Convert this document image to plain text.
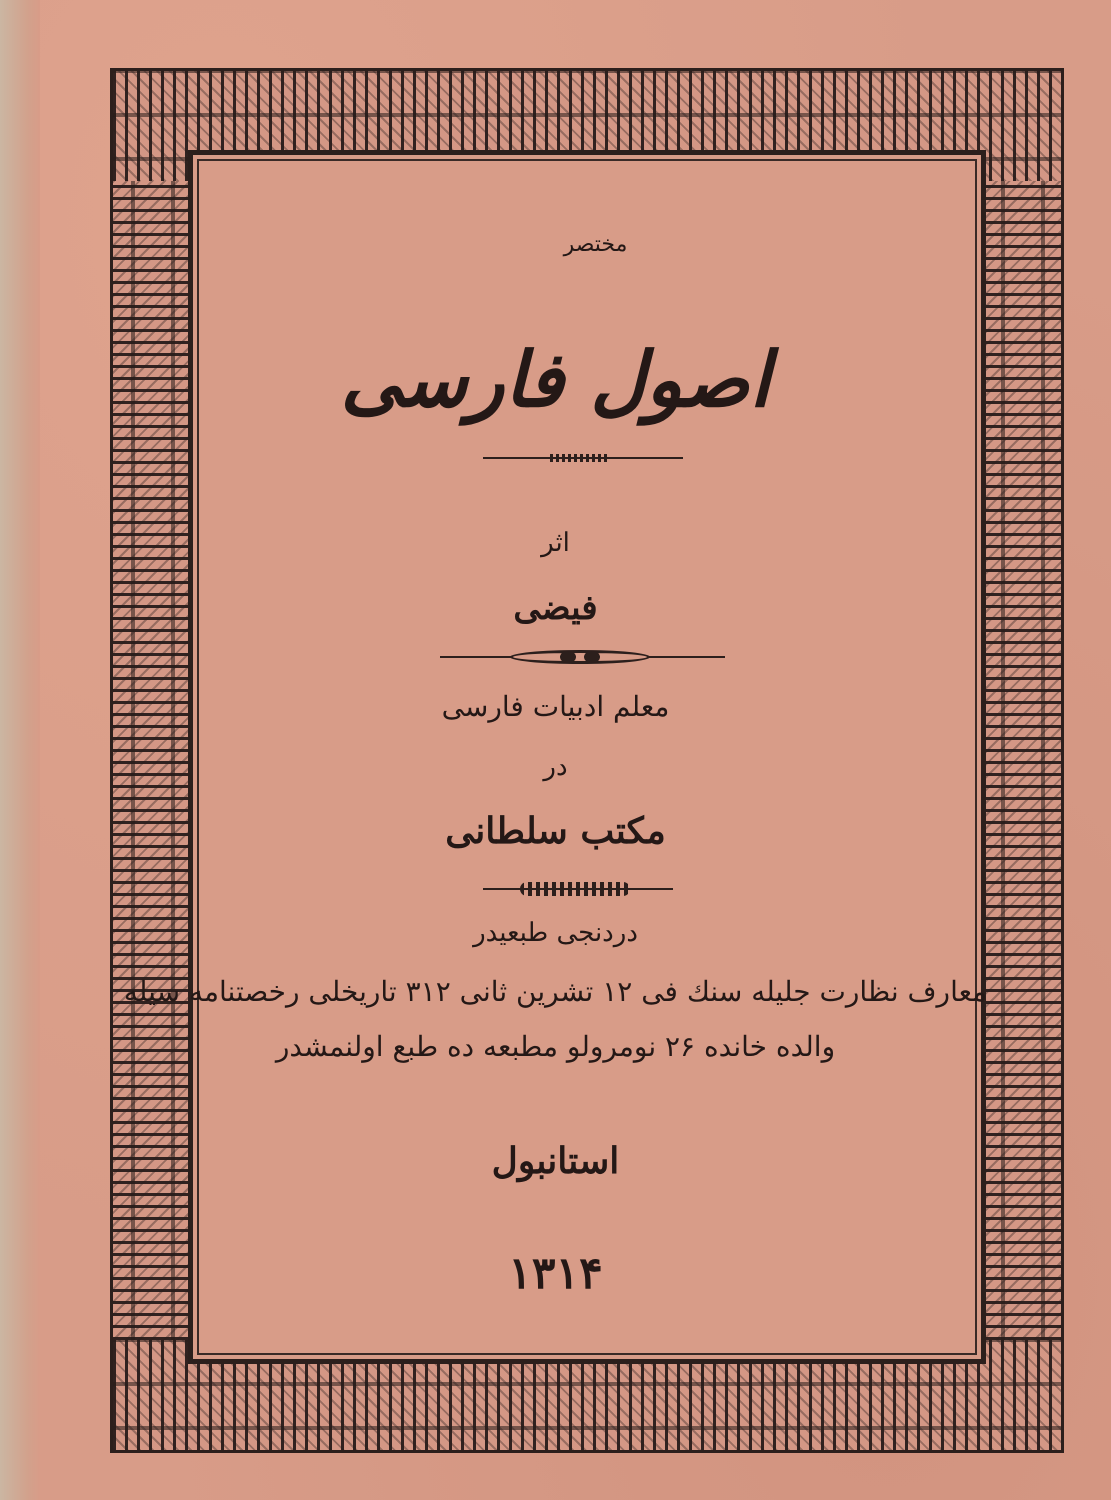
مختصر
اصول فارسی
اثر
فیضی
معلم ادبیات فارسی
در
مکتب سلطانی
دردنجی طبعیدر
معارف نظارت جلیله سنك فی ۱۲ تشرین ثانی ۳۱۲ تاریخلی رخصتنامه سیله
والده خانده ۲۶ نومرولو مطبعه ده طبع اولنمشدر
استانبول
۱۳۱۴
